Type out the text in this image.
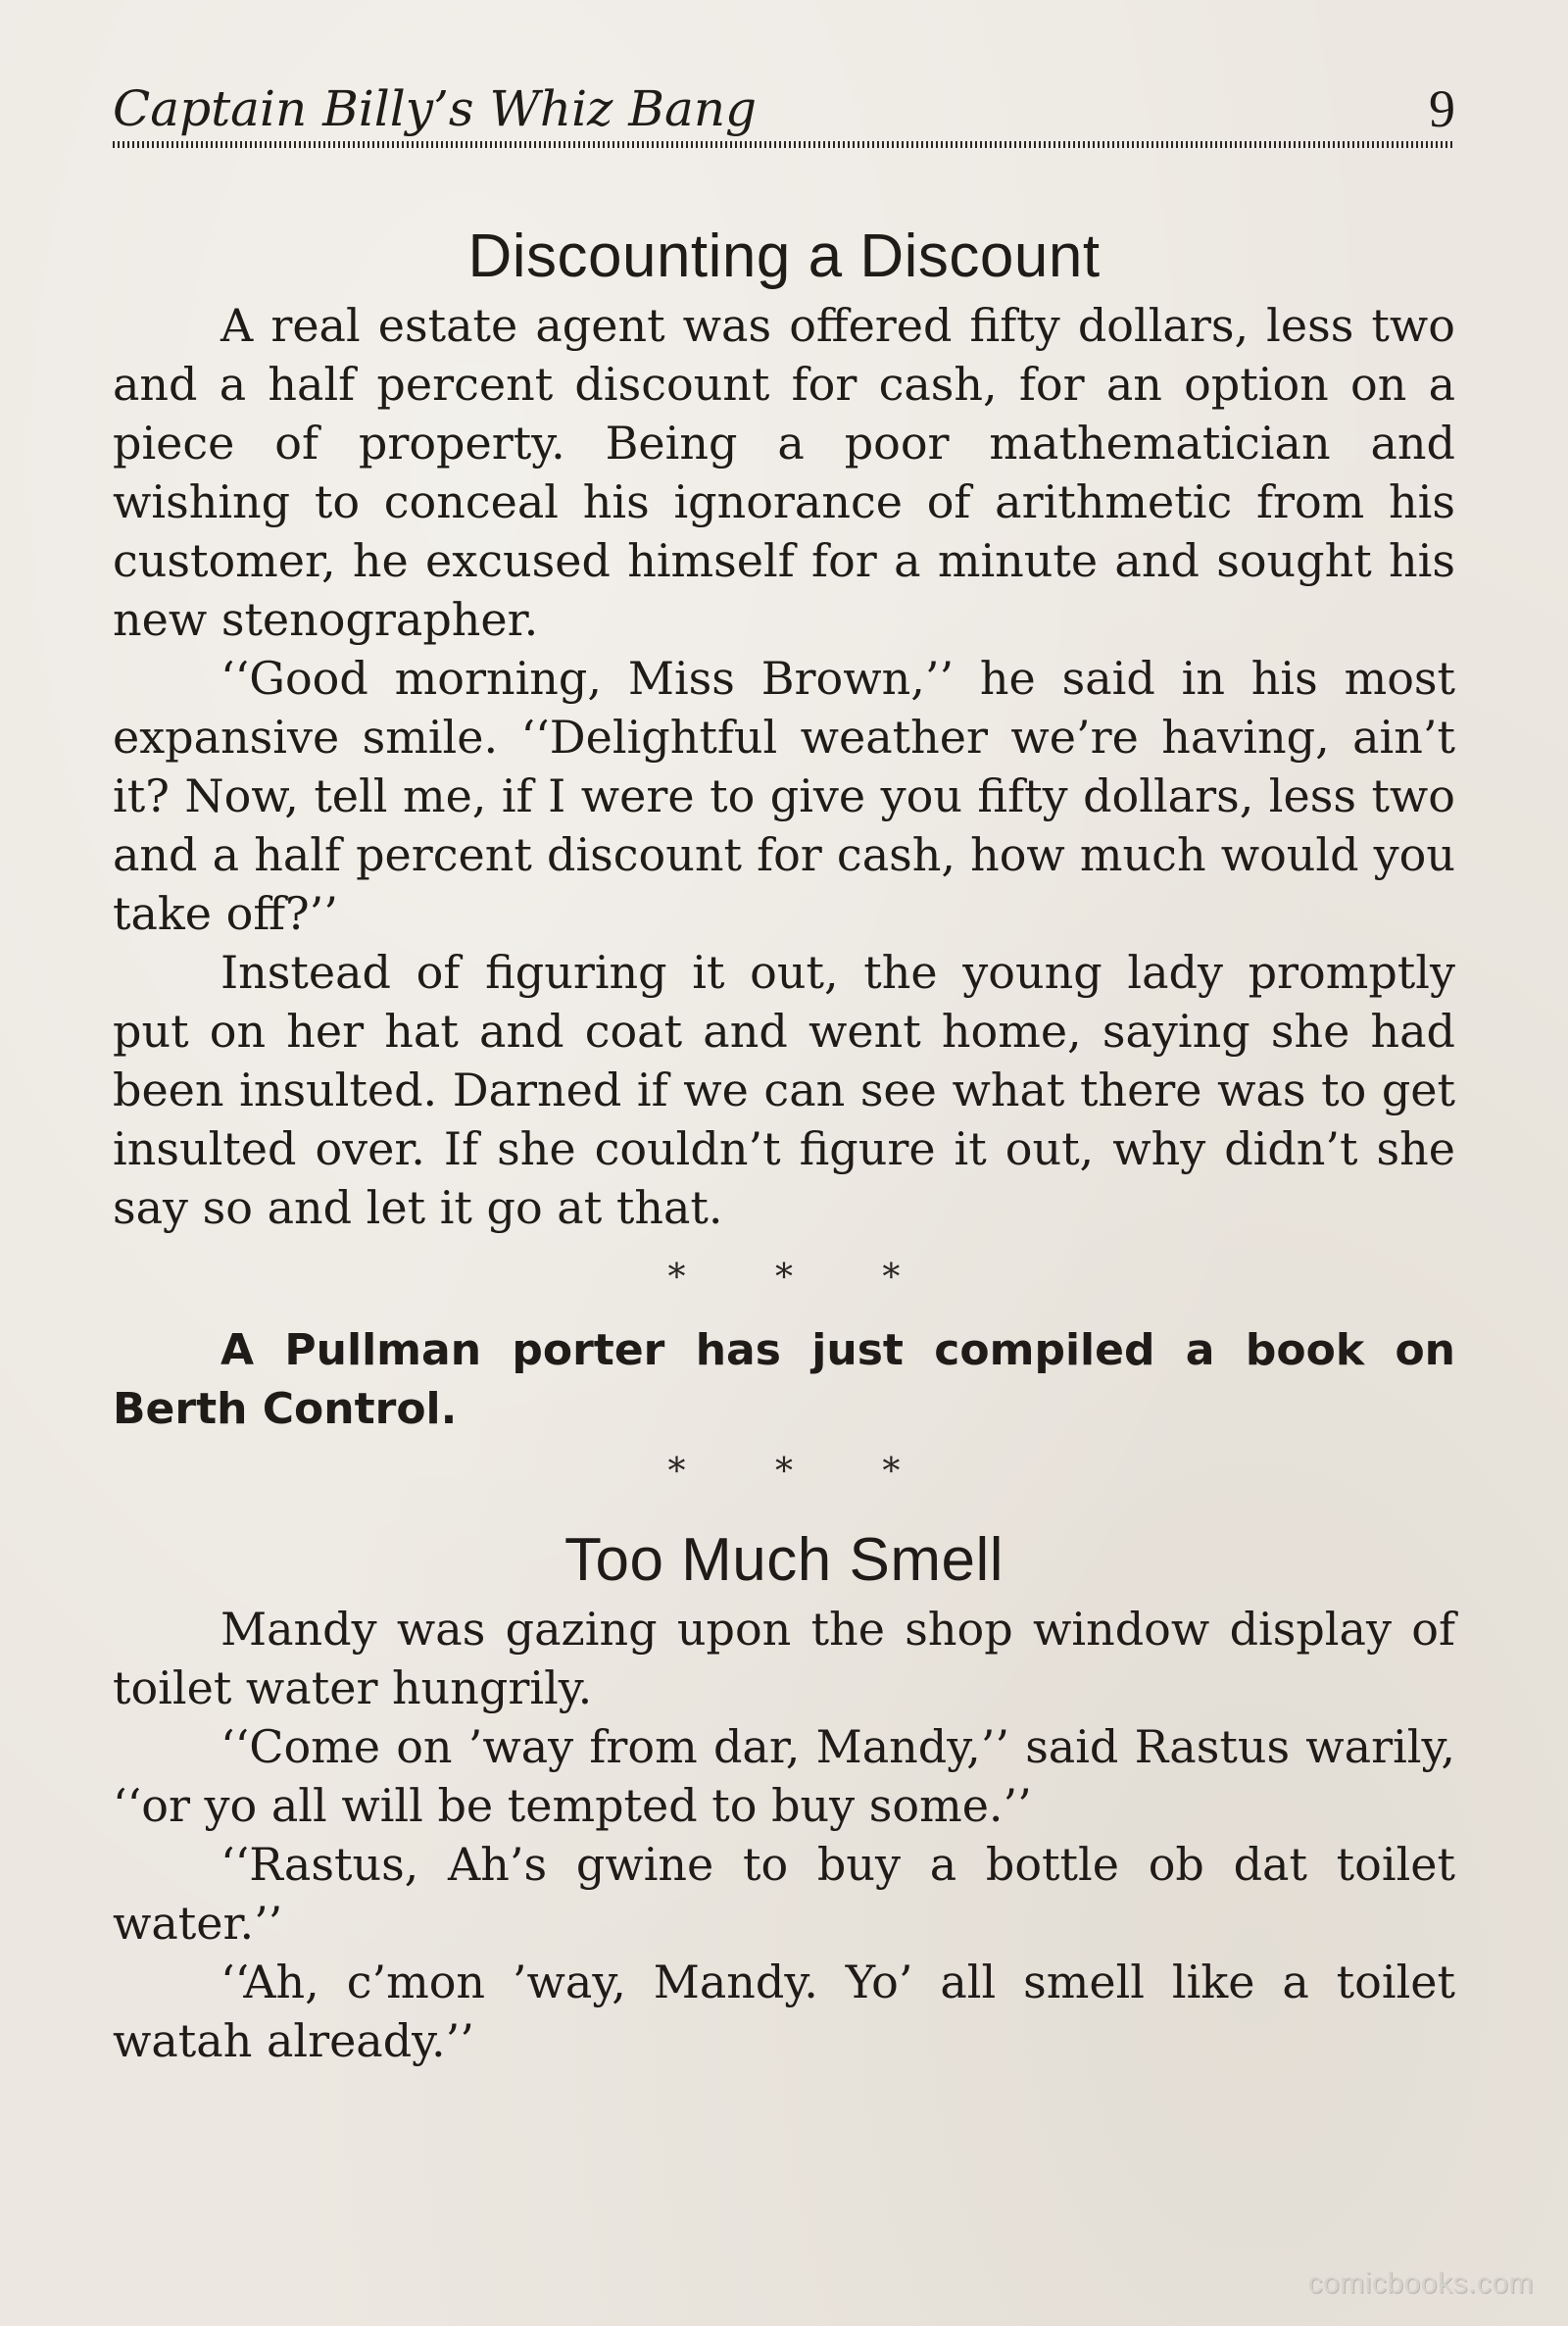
Captain Billy’s Whiz Bang	9
Discounting a Discount

A real estate agent was offered fifty dollars, less two and a half percent discount for cash, for an option on a piece of property. Being a poor mathematician and wishing to conceal his ignorance of arithmetic from his customer, he excused himself for a minute and sought his new stenographer.

‘‘Good morning, Miss Brown,’’ he said in his most expansive smile. ‘‘Delightful weather we’re having, ain’t it? Now, tell me, if I were to give you fifty dollars, less two and a half percent discount for cash, how much would you take off?’’

Instead of figuring it out, the young lady promptly put on her hat and coat and went home, saying she had been insulted. Darned if we can see what there was to get insulted over. If she couldn’t figure it out, why didn’t she say so and let it go at that.

* * *

A Pullman porter has just compiled a book on Berth Control.

* * *
Too Much Smell

Mandy was gazing upon the shop window display of toilet water hungrily.

‘‘Come on ’way from dar, Mandy,’’ said Rastus warily, ‘‘or yo all will be tempted to buy some.’’

‘‘Rastus, Ah’s gwine to buy a bottle ob dat toilet water.’’

‘‘Ah, c’mon ’way, Mandy. Yo’ all smell like a toilet watah already.’’

comicbooks.com
